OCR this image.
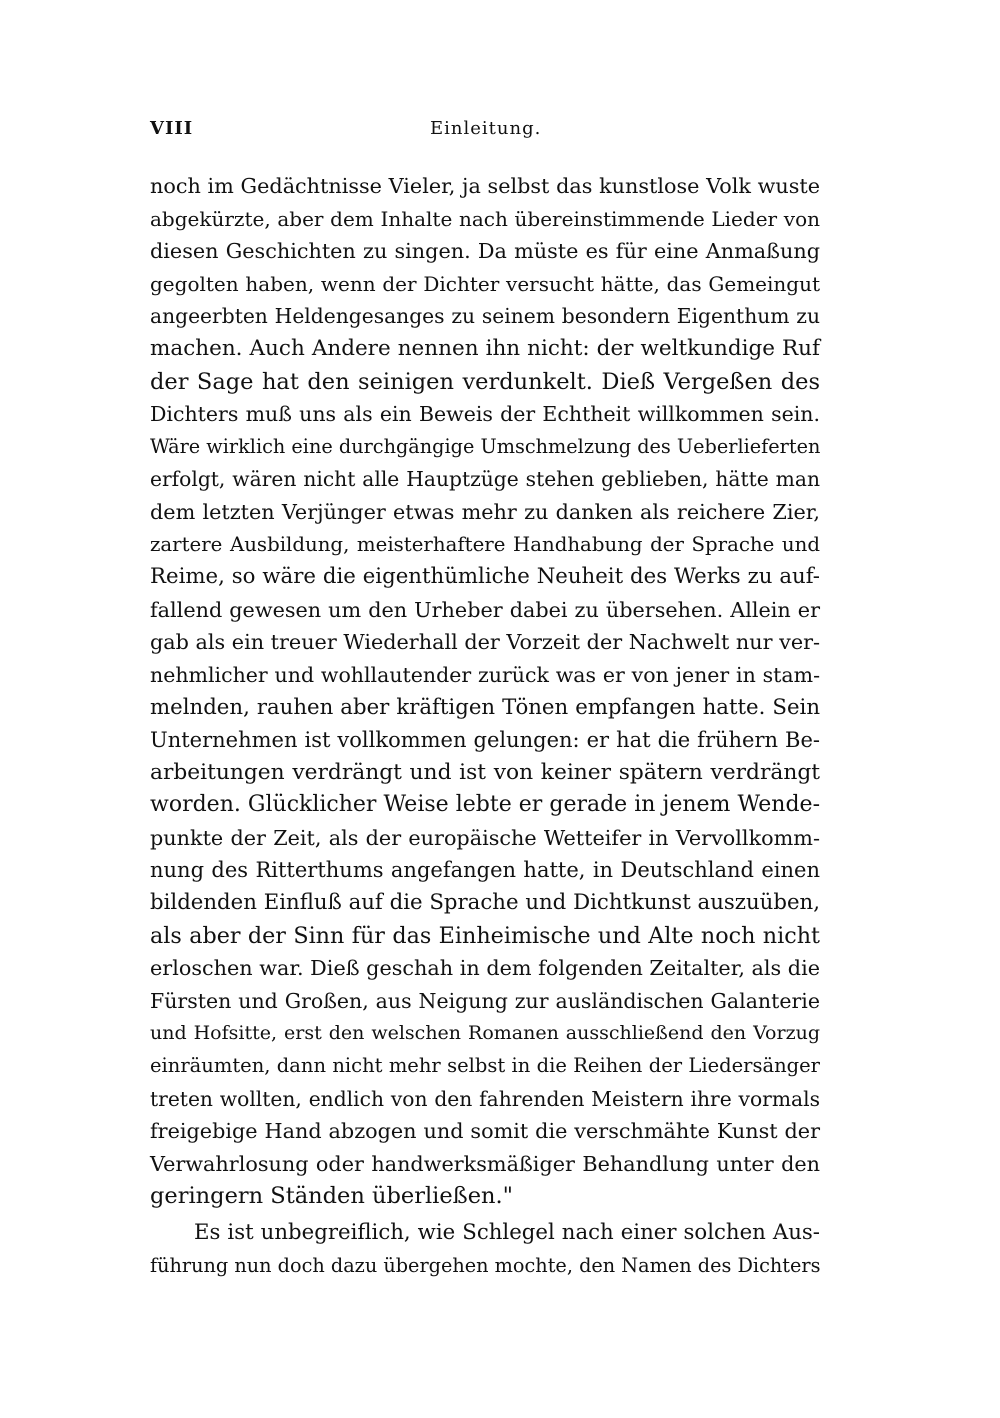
VIII	Einleitung.
noch im Gedächtnisse Vieler, ja selbst das kunstlose Volk wuste
abgekürzte, aber dem Inhalte nach übereinstimmende Lieder von
diesen Geschichten zu singen. Da müste es für eine Anmaßung
gegolten haben, wenn der Dichter versucht hätte, das Gemeingut
angeerbten Heldengesanges zu seinem besondern Eigenthum zu
machen. Auch Andere nennen ihn nicht: der weltkundige Ruf
der Sage hat den seinigen verdunkelt. Dieß Vergeßen des
Dichters muß uns als ein Beweis der Echtheit willkommen sein.
Wäre wirklich eine durchgängige Umschmelzung des Ueberlieferten
erfolgt, wären nicht alle Hauptzüge stehen geblieben, hätte man
dem letzten Verjünger etwas mehr zu danken als reichere Zier,
zartere Ausbildung, meisterhaftere Handhabung der Sprache und
Reime, so wäre die eigenthümliche Neuheit des Werks zu auf-
fallend gewesen um den Urheber dabei zu übersehen. Allein er
gab als ein treuer Wiederhall der Vorzeit der Nachwelt nur ver-
nehmlicher und wohllautender zurück was er von jener in stam-
melnden, rauhen aber kräftigen Tönen empfangen hatte. Sein
Unternehmen ist vollkommen gelungen: er hat die frühern Be-
arbeitungen verdrängt und ist von keiner spätern verdrängt
worden. Glücklicher Weise lebte er gerade in jenem Wende-
punkte der Zeit, als der europäische Wetteifer in Vervollkomm-
nung des Ritterthums angefangen hatte, in Deutschland einen
bildenden Einfluß auf die Sprache und Dichtkunst auszuüben,
als aber der Sinn für das Einheimische und Alte noch nicht
erloschen war. Dieß geschah in dem folgenden Zeitalter, als die
Fürsten und Großen, aus Neigung zur ausländischen Galanterie
und Hofsitte, erst den welschen Romanen ausschließend den Vorzug
einräumten, dann nicht mehr selbst in die Reihen der Liedersänger
treten wollten, endlich von den fahrenden Meistern ihre vormals
freigebige Hand abzogen und somit die verschmähte Kunst der
Verwahrlosung oder handwerksmäßiger Behandlung unter den
geringern Ständen überließen."
Es ist unbegreiflich, wie Schlegel nach einer solchen Aus-
führung nun doch dazu übergehen mochte, den Namen des Dichters
